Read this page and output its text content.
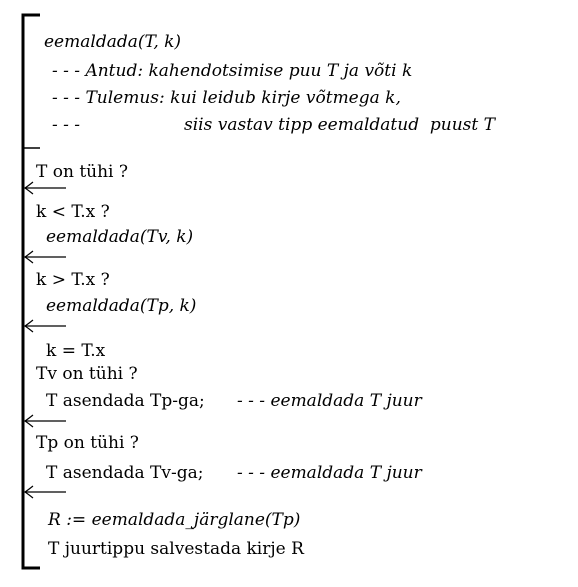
eemaldada(T, k)
- - - Antud: kahendotsimise puu T ja võti k
- - - Tulemus: kui leidub kirje võtmega k,
- - -	siis vastav tipp eemaldatud  puust T
T on tühi ?
k < T.x ?
eemaldada(Tv, k)
k > T.x ?
eemaldada(Tp, k)
k = T.x
Tv on tühi ?
T asendada Tp-ga; - - - eemaldada T juur
Tp on tühi ?
T asendada Tv-ga; - - - eemaldada T juur
R := eemaldada_järglane(Tp)
T juurtippu salvestada kirje R
